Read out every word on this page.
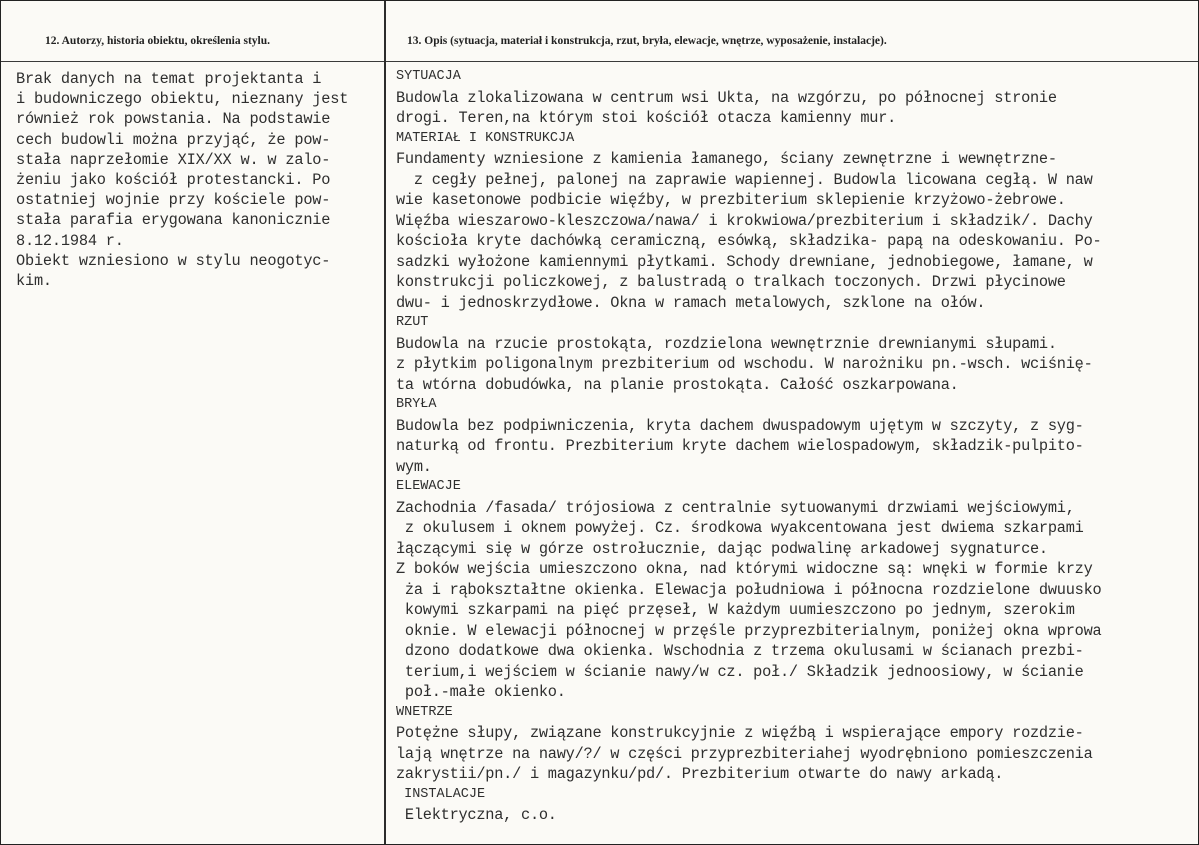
12. Autorzy, historia obiektu, określenia stylu.	13. Opis (sytuacja, materiał i konstrukcja, rzut, bryła, elewacje, wnętrze, wyposażenie, instalacje).
Brak danych na temat projektanta i
i budowniczego obiektu, nieznany jest
również rok powstania. Na podstawie
cech budowli można przyjąć, że pow-
stała naprzełomie XIX/XX w. w zalo-
żeniu jako kościół protestancki. Po
ostatniej wojnie przy kościele pow-
stała parafia erygowana kanonicznie
8.12.1984 r.
Obiekt wzniesiono w stylu neogotyc-
kim.
SYTUACJA
Budowla zlokalizowana w centrum wsi Ukta, na wzgórzu, po północnej stronie
drogi. Teren,na którym stoi kościół otacza kamienny mur.
MATERIAŁ I KONSTRUKCJA
Fundamenty wzniesione z kamienia łamanego, ściany zewnętrzne i wewnętrzne-
z cegły pełnej, palonej na zaprawie wapiennej. Budowla licowana cegłą. W naw
wie kasetonowe podbicie więźby, w prezbiterium sklepienie krzyżowo-żebrowe.
Więźba wieszarowo-kleszczowa/nawa/ i krokwiowa/prezbiterium i składzik/. Dachy
kościoła kryte dachówką ceramiczną, esówką, składzika- papą na odeskowaniu. Po-
sadzki wyłożone kamiennymi płytkami. Schody drewniane, jednobiegowe, łamane, w
konstrukcji policzkowej, z balustradą o tralkach toczonych. Drzwi płycinowe
dwu- i jednoskrzydłowe. Okna w ramach metalowych, szklone na ołów.
RZUT
Budowla na rzucie prostokąta, rozdzielona wewnętrznie drewnianymi słupami.
z płytkim poligonalnym prezbiterium od wschodu. W narożniku pn.-wsch. wciśnię-
ta wtórna dobudówka, na planie prostokąta. Całość oszkarpowana.
BRYŁA
Budowla bez podpiwniczenia, kryta dachem dwuspadowym ujętym w szczyty, z syg-
naturką od frontu. Prezbiterium kryte dachem wielospadowym, składzik-pulpito-
wym.
ELEWACJE
Zachodnia /fasada/ trójosiowa z centralnie sytuowanymi drzwiami wejściowymi,
z okulusem i oknem powyżej. Cz. środkowa wyakcentowana jest dwiema szkarpami
łączącymi się w górze ostrołucznie, dając podwalinę arkadowej sygnaturce.
Z boków wejścia umieszczono okna, nad którymi widoczne są: wnęki w formie krzy
ża i rąbokształtne okienka. Elewacja południowa i północna rozdzielone dwuusko
kowymi szkarpami na pięć przęseł, W każdym uumieszczono po jednym, szerokim
oknie. W elewacji północnej w przęśle przyprezbiterialnym, poniżej okna wprowa
dzono dodatkowe dwa okienka. Wschodnia z trzema okulusami w ścianach prezbi-
terium,i wejściem w ścianie nawy/w cz. poł./ Składzik jednoosiowy, w ścianie
poł.-małe okienko.
WNETRZE
Potężne słupy, związane konstrukcyjnie z więźbą i wspierające empory rozdzie-
lają wnętrze na nawy/?/ w części przyprezbiteriahej wyodrębniono pomieszczenia
zakrystii/pn./ i magazynku/pd/. Prezbiterium otwarte do nawy arkadą.
INSTALACJE
Elektryczna, c.o.
